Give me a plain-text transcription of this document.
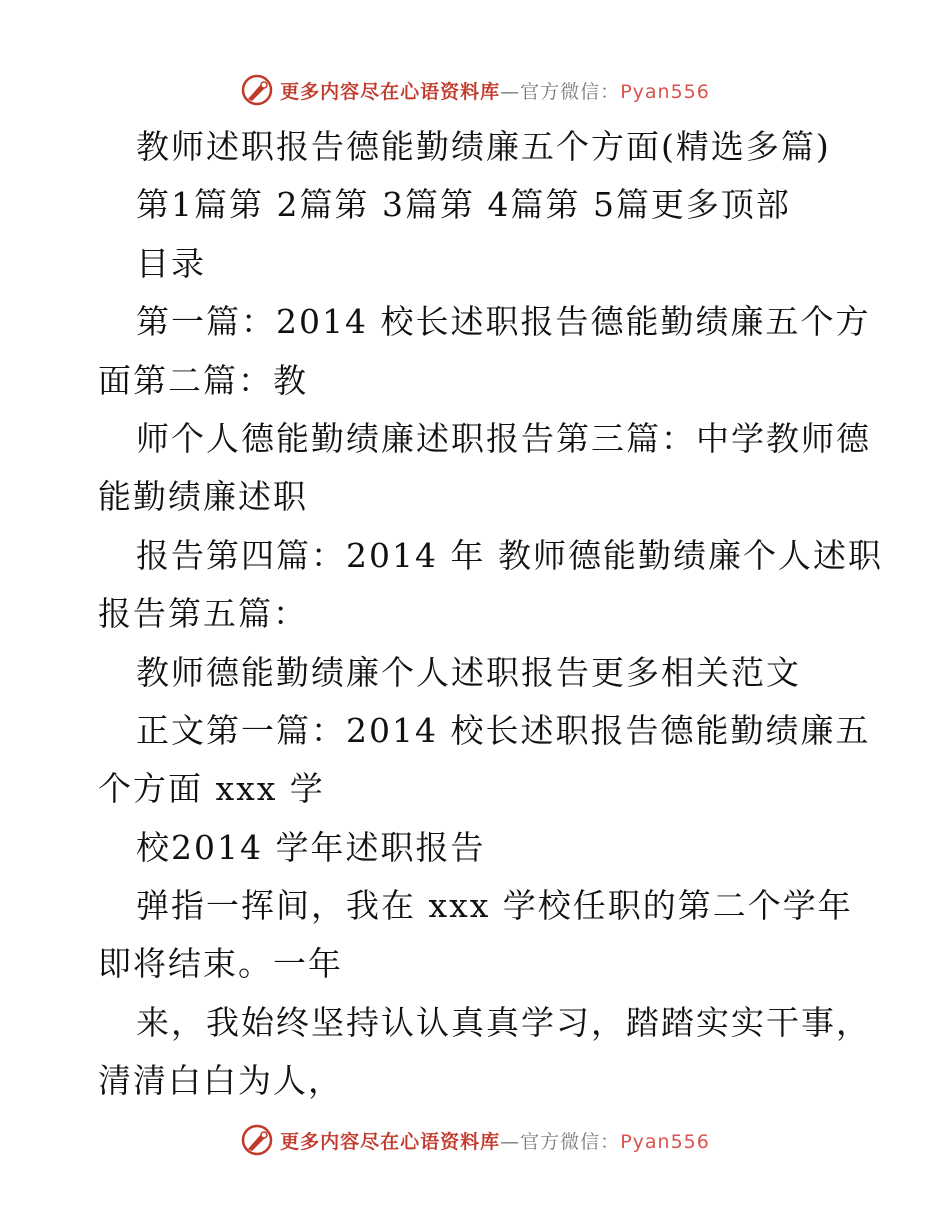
更多内容尽在心语资料库—官方微信：Pyan556
教师述职报告德能勤绩廉五个方面(精选多篇)
第1篇第 2篇第 3篇第 4篇第 5篇更多顶部
目录
第一篇：2014 校长述职报告德能勤绩廉五个方
面第二篇：教
师个人德能勤绩廉述职报告第三篇：中学教师德
能勤绩廉述职
报告第四篇：2014 年 教师德能勤绩廉个人述职
报告第五篇：
教师德能勤绩廉个人述职报告更多相关范文
正文第一篇：2014 校长述职报告德能勤绩廉五
个方面 xxx 学
校2014 学年述职报告
弹指一挥间，我在 xxx 学校任职的第二个学年
即将结束。一年
来，我始终坚持认认真真学习，踏踏实实干事，
清清白白为人，
更多内容尽在心语资料库—官方微信：Pyan556
